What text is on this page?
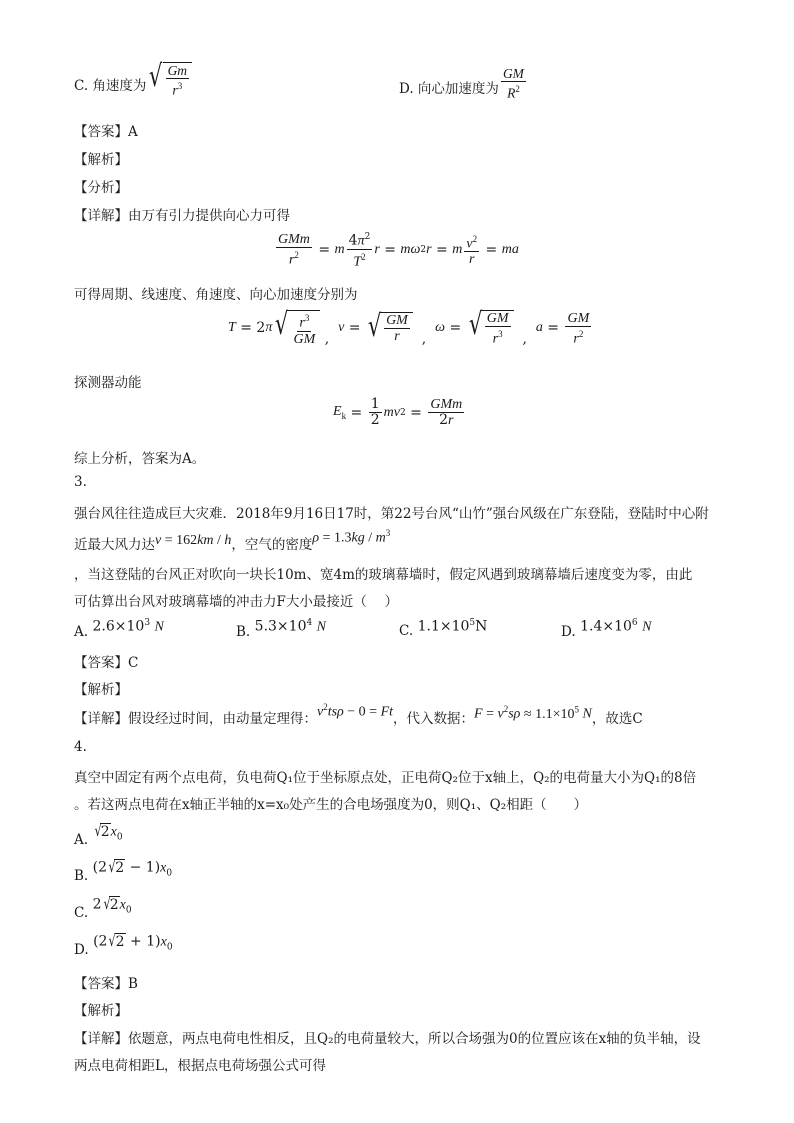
C. 角速度为 √ $\frac{Gm}{r^3}$	D. 向心加速度为 $\frac{GM}{R^2}$
【答案】A
【解析】
【分析】
【详解】由万有引力提供向心力可得
$\frac{\text{GMm}}{r^2} = m \frac{4\pi^2}{T^2}$ r = mω 2 r = m $\frac{v^2}{r}$ = ma
可得周期、线速度、角速度、向心加速度分别为
T = 2 π √ $\frac{r^3}{GM}$ ,
v = √ $\frac{GM}{r}$ ,
ω = √ $\frac{GM}{r^3}$ ,
$a = \frac{GM}{r^2}$
探测器动能
$E_k = \frac{1}{2}$ mv $2 = \frac{\text{GMm}}{2r}$
综上分析，答案为A。
3.
强台风往往造成巨大灾难．2018年9月16日17时，第22号台风“山竹”强台风级在广东登陆，登陆时中心附
近最大风力达 v = 162km / h ，空气的密度 $\rho = 1.3kg / m^3$
，当这登陆的台风正对吹向一块长10m、宽4m的玻璃幕墙时，假定风遇到玻璃幕墙后速度变为零，由此
可估算出台风对玻璃幕墙的冲击力F大小最接近（　 ）
A. $2.6\times 10^3$ N	B. $5.3\times 10^4$ N	C. $1.1\times 10^5N$	D. $1.4\times 10^6$ N
【答案】C
【解析】
【详解】假设经过时间，由动量定理得： $v^2ts\rho - 0 = Ft$ ，代入数据： $F = v^2s\rho \approx 1.1\times 10^5$ N ，故选C
4.
真空中固定有两个点电荷，负电荷Q₁位于坐标原点处，正电荷Q₂位于x轴上，Q₂的电荷量大小为Q₁的8倍
。若这两点电荷在x轴正半轴的x=x₀处产生的合电场强度为0，则Q₁、Q₂相距（　　）
A.

√ 2 $x_0$
B.
(2 √ $2 - 1)x_0$
C.
2 √ 2 $x_0$
D.
(2 √ $2 + 1)x_0$
【答案】B
【解析】
【详解】依题意，两点电荷电性相反，且Q₂的电荷量较大，所以合场强为0的位置应该在x轴的负半轴，设
两点电荷相距L，根据点电荷场强公式可得
